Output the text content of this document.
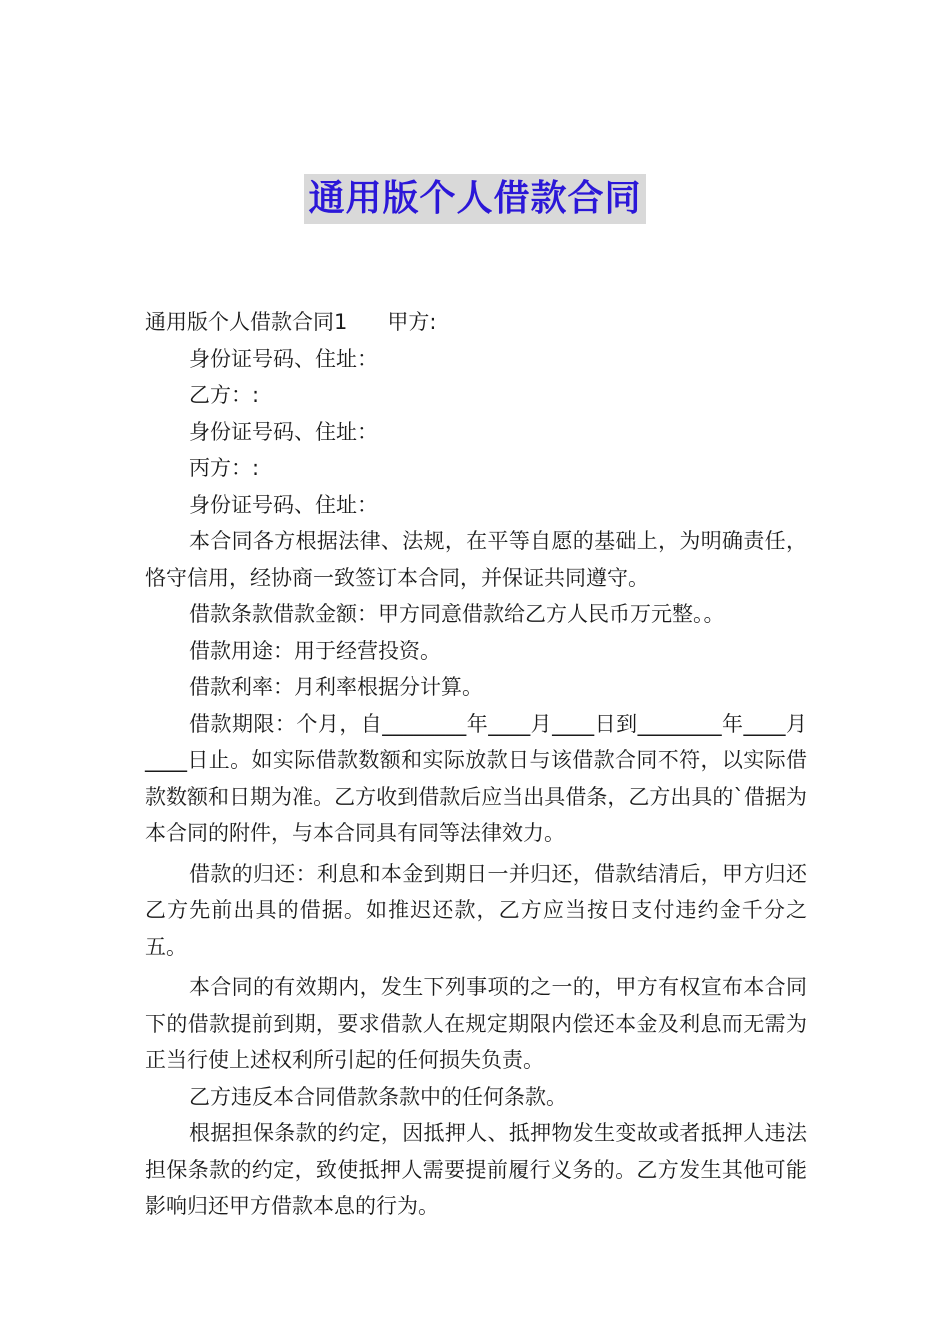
通用版个人借款合同

通用版个人借款合同1 甲方:

身份证号码、住址：

乙方：:

身份证号码、住址：

丙方：:

身份证号码、住址：

本合同各方根据法律、法规，在平等自愿的基础上，为明确责任，恪守信用，经协商一致签订本合同，并保证共同遵守。

借款条款借款金额：甲方同意借款给乙方人民币万元整。。

借款用途：用于经营投资。

借款利率：月利率根据分计算。

借款期限：个月，自________年____月____日到________年____月____日止。如实际借款数额和实际放款日与该借款合同不符，以实际借款数额和日期为准。乙方收到借款后应当出具借条，乙方出具的`借据为本合同的附件，与本合同具有同等法律效力。

借款的归还：利息和本金到期日一并归还，借款结清后，甲方归还乙方先前出具的借据。如推迟还款，乙方应当按日支付违约金千分之五。

本合同的有效期内，发生下列事项的之一的，甲方有权宣布本合同下的借款提前到期，要求借款人在规定期限内偿还本金及利息而无需为正当行使上述权利所引起的任何损失负责。

乙方违反本合同借款条款中的任何条款。

根据担保条款的约定，因抵押人、抵押物发生变故或者抵押人违法担保条款的约定，致使抵押人需要提前履行义务的。乙方发生其他可能影响归还甲方借款本息的行为。
